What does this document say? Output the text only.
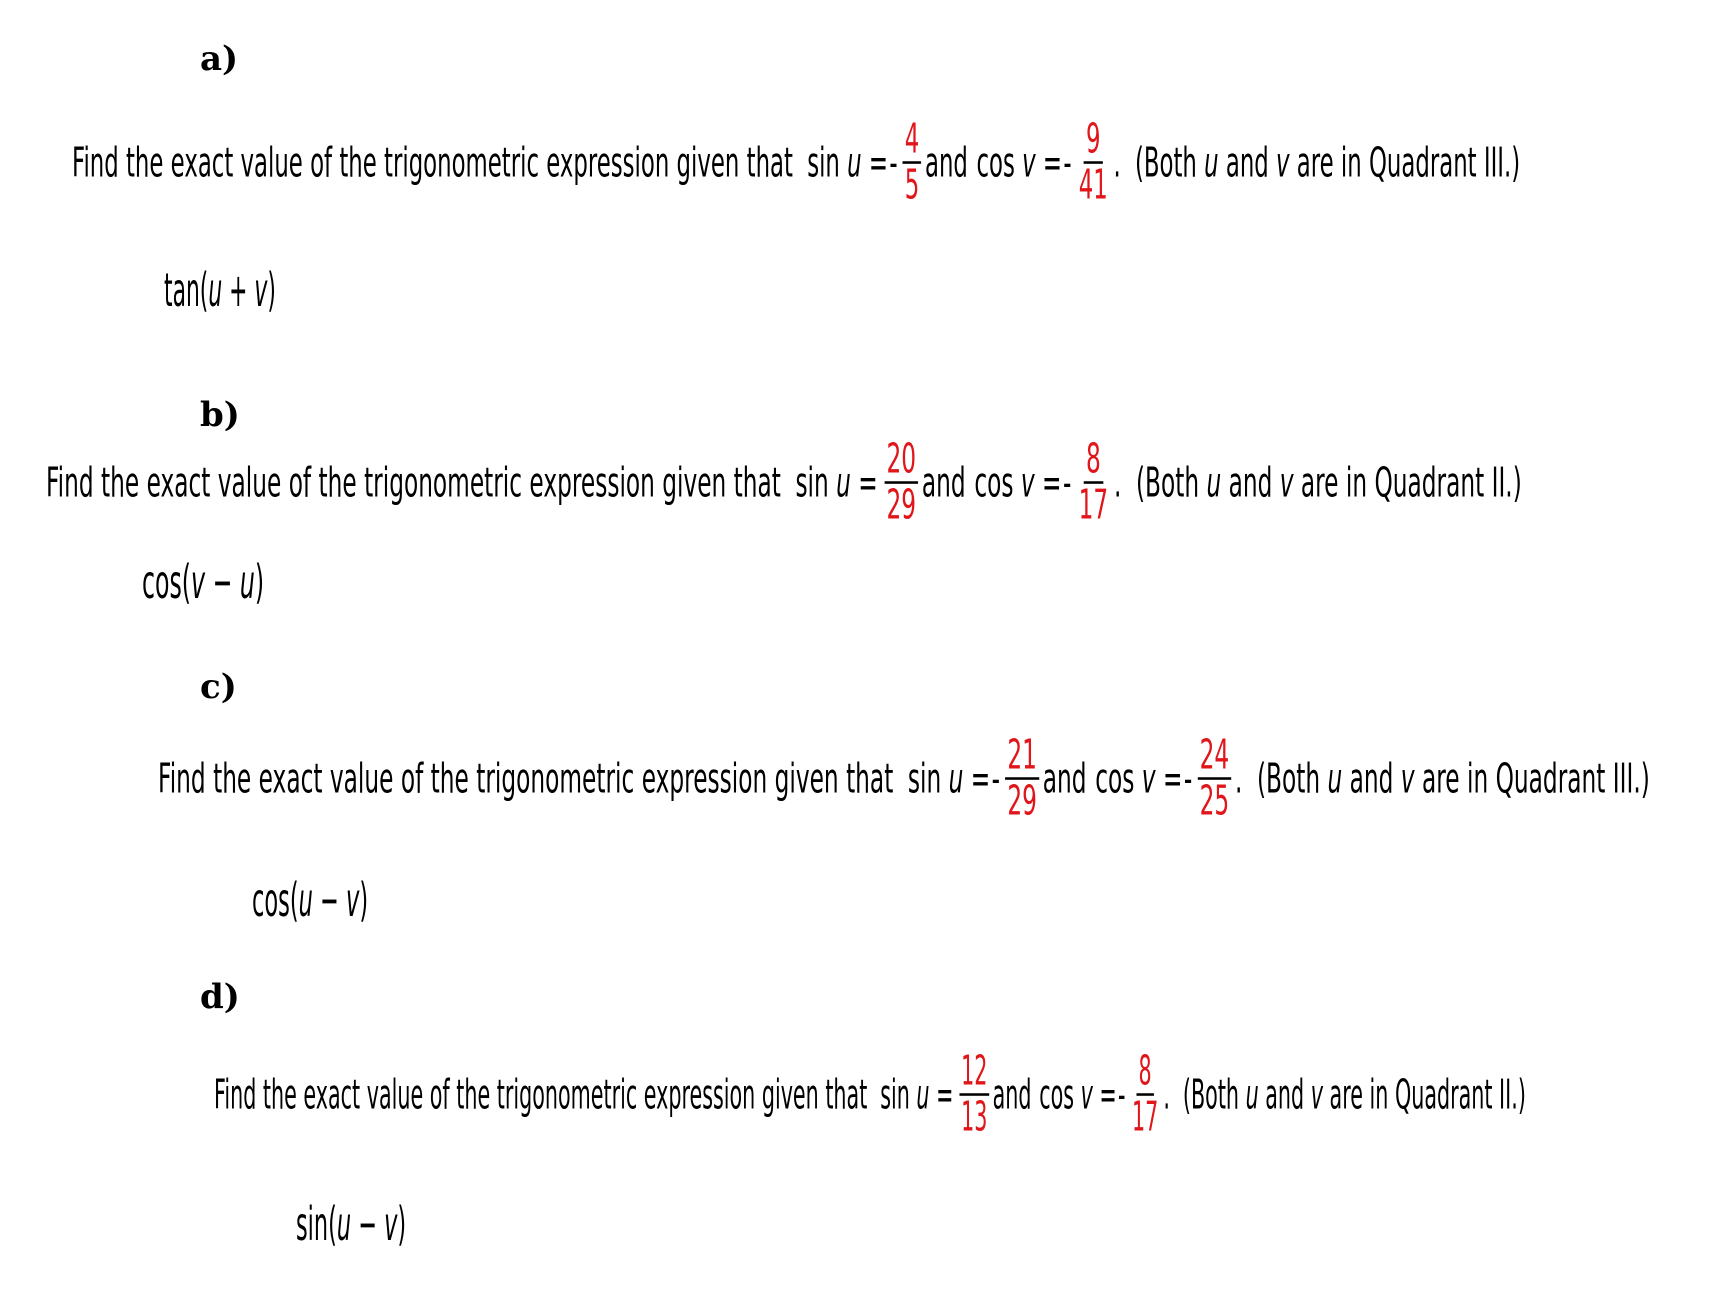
a)
Find the exact value of the trigonometric expression given that sin
u
= - $\frac{4}{5}$ and cos
v
= - $\frac{9}{41}$ . (Both
u
and
v
are in Quadrant III.)
tan(u + v)
b)
Find the exact value of the trigonometric expression given that sin
u
= $\frac{20}{29}$ and cos
v
= - $\frac{8}{17}$ . (Both
u
and
v
are in Quadrant II.)
cos(v − u)
c)
Find the exact value of the trigonometric expression given that sin
u
= - $\frac{21}{29}$ and cos
v
= - $\frac{24}{25}$ . (Both
u
and
v
are in Quadrant III.)
cos(u − v)
d)
Find the exact value of the trigonometric expression given that sin
u
= $\frac{12}{13}$ and cos
v
= - $\frac{8}{17}$ . (Both
u
and
v
are in Quadrant II.)
sin(u − v)
